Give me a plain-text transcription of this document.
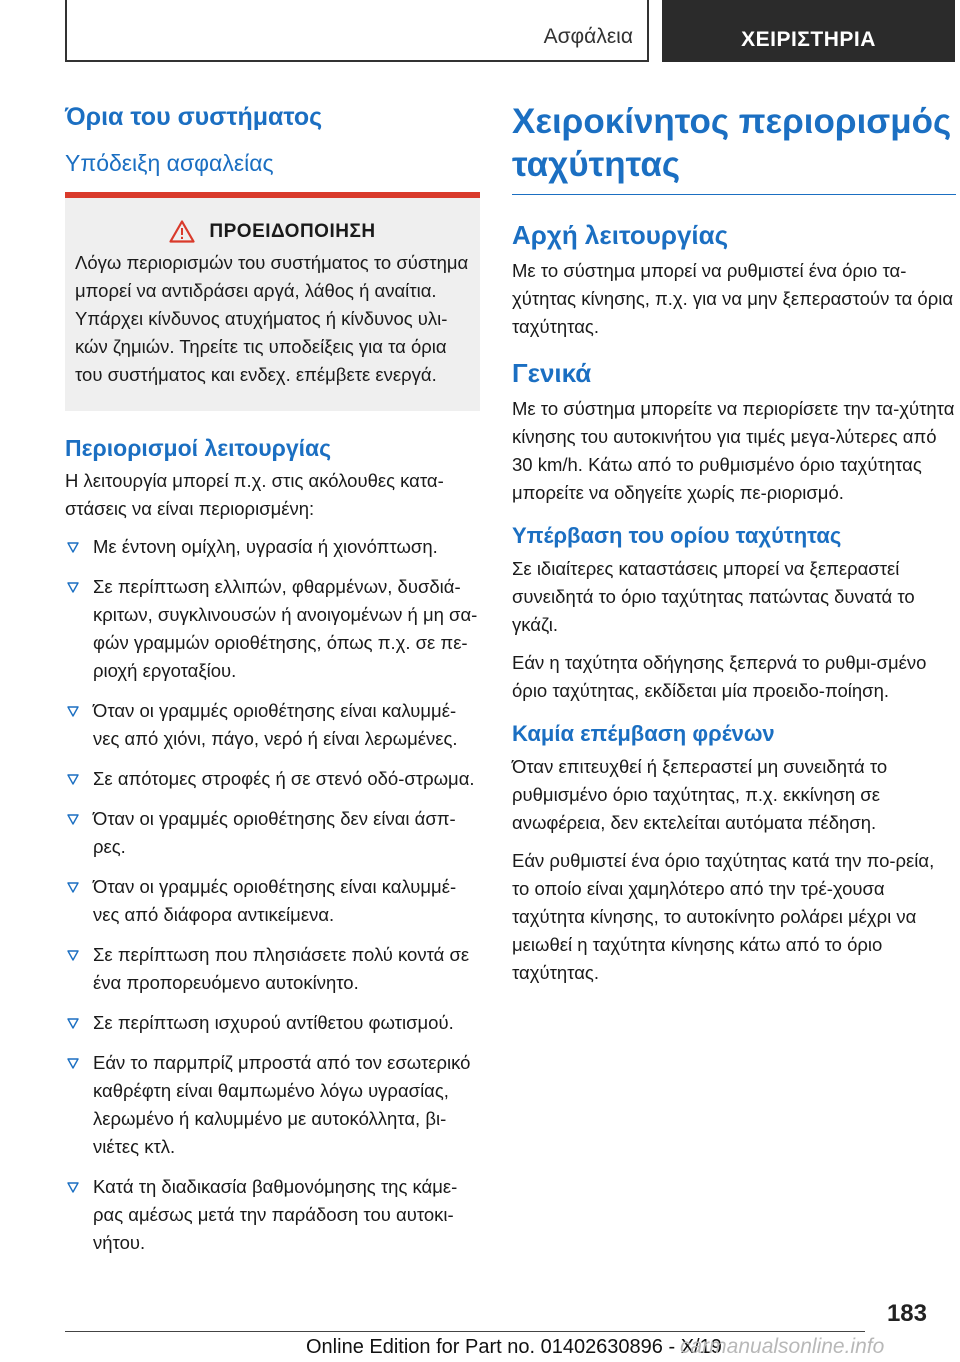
Ασφάλεια	ΧΕΙΡΙΣΤΗΡΙΑ
Όρια του συστήματος
Υπόδειξη ασφαλείας
ΠΡΟΕΙΔΟΠΟΙΗΣΗ

Λόγω περιορισμών του συστήματος το σύστημα μπορεί να αντιδράσει αργά, λάθος ή αναίτια. Υπάρχει κίνδυνος ατυχήματος ή κίνδυνος υλι-κών ζημιών. Τηρείτε τις υποδείξεις για τα όρια του συστήματος και ενδεχ. επέμβετε ενεργά.

Περιορισμοί λειτουργίας

Η λειτουργία μπορεί π.χ. στις ακόλουθες κατα-στάσεις να είναι περιορισμένη:

Με έντονη ομίχλη, υγρασία ή χιονόπτωση.
Σε περίπτωση ελλιπών, φθαρμένων, δυσδιά-κριτων, συγκλινουσών ή ανοιγομένων ή μη σα-φών γραμμών οριοθέτησης, όπως π.χ. σε πε-ριοχή εργοταξίου.
Όταν οι γραμμές οριοθέτησης είναι καλυμμέ-νες από χιόνι, πάγο, νερό ή είναι λερωμένες.
Σε απότομες στροφές ή σε στενό οδό-στρωμα.
Όταν οι γραμμές οριοθέτησης δεν είναι άσπ-ρες.
Όταν οι γραμμές οριοθέτησης είναι καλυμμέ-νες από διάφορα αντικείμενα.
Σε περίπτωση που πλησιάσετε πολύ κοντά σε ένα προπορευόμενο αυτοκίνητο.
Σε περίπτωση ισχυρού αντίθετου φωτισμού.
Εάν το παρμπρίζ μπροστά από τον εσωτερικό καθρέφτη είναι θαμπωμένο λόγω υγρασίας, λερωμένο ή καλυμμένο με αυτοκόλλητα, βι-νιέτες κτλ.
Κατά τη διαδικασία βαθμονόμησης της κάμε-ρας αμέσως μετά την παράδοση του αυτοκι-νήτου.
Χειροκίνητος περιορισμός ταχύτητας
Αρχή λειτουργίας

Με το σύστημα μπορεί να ρυθμιστεί ένα όριο τα-χύτητας κίνησης, π.χ. για να μην ξεπεραστούν τα όρια ταχύτητας.

Γενικά

Με το σύστημα μπορείτε να περιορίσετε την τα-χύτητα κίνησης του αυτοκινήτου για τιμές μεγα-λύτερες από 30 km/h. Κάτω από το ρυθμισμένο όριο ταχύτητας μπορείτε να οδηγείτε χωρίς πε-ριορισμό.

Υπέρβαση του ορίου ταχύτητας

Σε ιδιαίτερες καταστάσεις μπορεί να ξεπεραστεί συνειδητά το όριο ταχύτητας πατώντας δυνατά το γκάζι.

Εάν η ταχύτητα οδήγησης ξεπερνά το ρυθμι-σμένο όριο ταχύτητας, εκδίδεται μία προειδο-ποίηση.

Καμία επέμβαση φρένων

Όταν επιτευχθεί ή ξεπεραστεί μη συνειδητά το ρυθμισμένο όριο ταχύτητας, π.χ. εκκίνηση σε ανωφέρεια, δεν εκτελείται αυτόματα πέδηση.

Εάν ρυθμιστεί ένα όριο ταχύτητας κατά την πο-ρεία, το οποίο είναι χαμηλότερο από την τρέ-χουσα ταχύτητα κίνησης, το αυτοκίνητο ρολάρει μέχρι να μειωθεί η ταχύτητα κίνησης κάτω από το όριο ταχύτητας.

183
Online Edition for Part no. 01402630896 - X/19
carmanualsonline.info
